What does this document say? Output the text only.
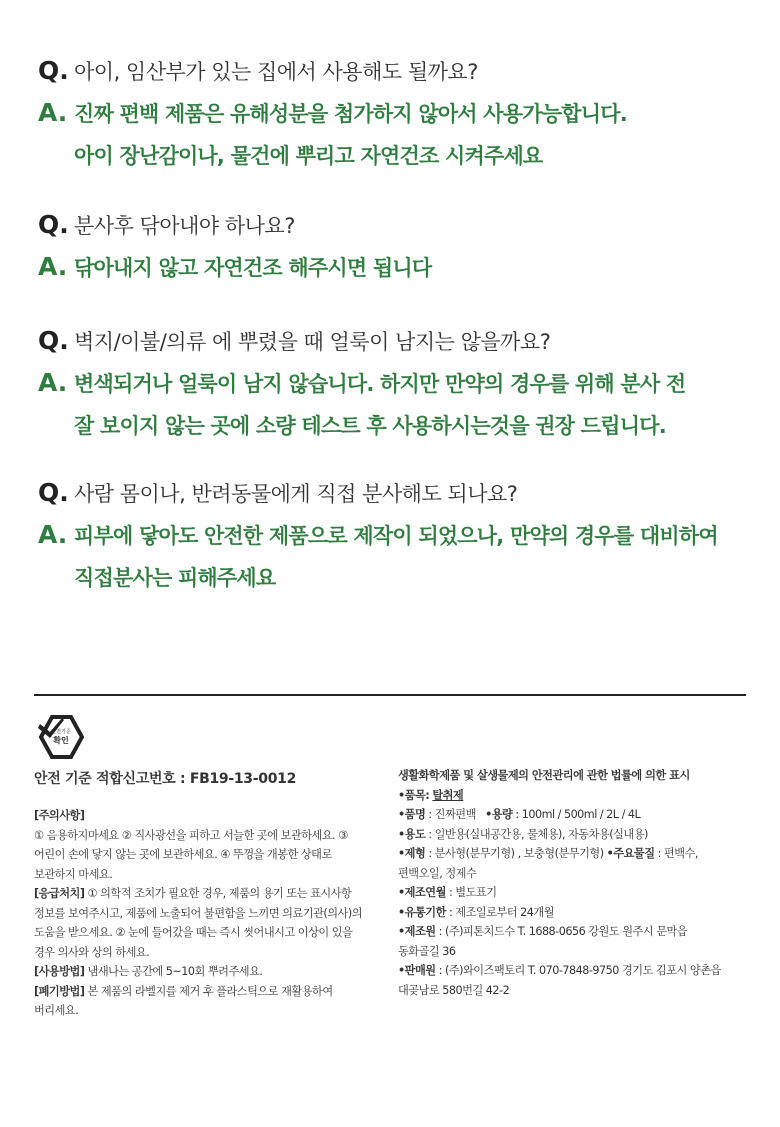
Q. 아이, 임산부가 있는 집에서 사용해도 될까요?
A. 진짜 편백 제품은 유해성분을 첨가하지 않아서 사용가능합니다.
아이 장난감이나, 물건에 뿌리고 자연건조 시켜주세요
Q. 분사후 닦아내야 하나요?
A. 닦아내지 않고 자연건조 해주시면 됩니다
Q. 벽지/이불/의류 에 뿌렸을 때 얼룩이 남지는 않을까요?
A. 변색되거나 얼룩이 남지 않습니다. 하지만 만약의 경우를 위해 분사 전
잘 보이지 않는 곳에 소량 테스트 후 사용하시는것을 권장 드립니다.
Q. 사람 몸이나, 반려동물에게 직접 분사해도 되나요?
A. 피부에 닿아도 안전한 제품으로 제작이 되었으나, 만약의 경우를 대비하여
직접분사는 피해주세요
안전기준
확인
안전 기준 적합신고번호 : FB19-13-0012

[주의사항]

① 음용하지마세요 ② 직사광선을 피하고 서늘한 곳에 보관하세요. ③

어린이 손에 닿지 않는 곳에 보관하세요. ④ 뚜껑을 개봉한 상태로

보관하지 마세요.

[응급처치] ① 의학적 조치가 필요한 경우, 제품의 용기 또는 표시사항

정보를 보여주시고, 제품에 노출되어 불편함을 느끼면 의료기관(의사)의

도움을 받으세요. ② 눈에 들어갔을 때는 즉시 씻어내시고 이상이 있을

경우 의사와 상의 하세요.

[사용방법] 냄새나는 공간에 5~10회 뿌려주세요.

[폐기방법] 본 제품의 라벨지를 제거 후 플라스틱으로 재활용하여

버리세요.

생활화학제품 및 살생물제의 안전관리에 관한 법률에 의한 표시

•품목: 탈취제

•품명 : 진짜편백 •용량 : 100ml / 500ml / 2L / 4L

•용도 : 일반용(실내공간용, 물체용), 자동차용(실내용)

•제형 : 분사형(분무기형) , 보충형(분무기형) •주요물질 : 편백수,

편백오일, 정제수

•제조연월 : 별도표기

•유통기한 : 제조일로부터 24개월

•제조원 : (주)피톤치드수 T. 1688-0656 강원도 원주시 문막읍

동화골길 36

•판매원 : (주)와이즈팩토리 T. 070-7848-9750 경기도 김포시 양촌읍

대곶남로 580번길 42-2
